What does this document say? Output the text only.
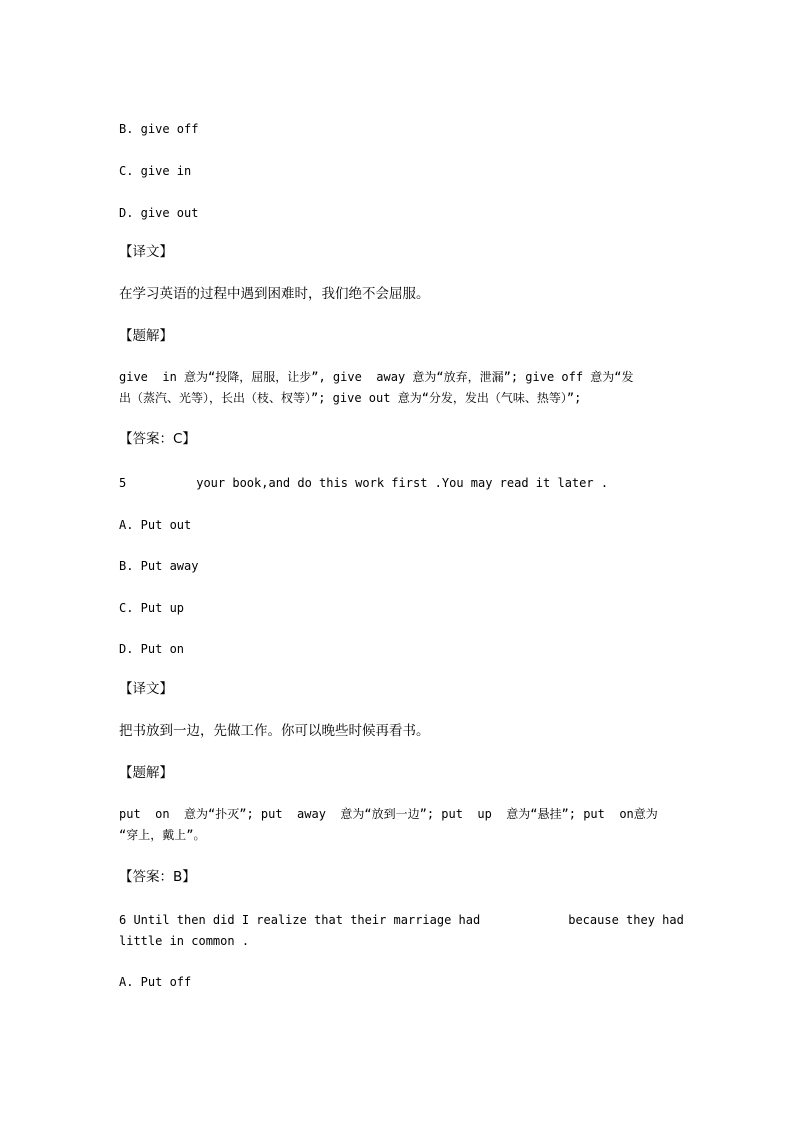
B. give off
C. give in
D. give out
【译文】
在学习英语的过程中遇到困难时，我们绝不会屈服。
【题解】
give  in 意为“投降，屈服，让步”, give  away 意为“放弃，泄漏”; give off 意为“发
出（蒸汽、光等），长出（枝、杈等）”; give out 意为“分发，发出（气味、热等）”;
【答案：C】
5	your book,and do this work first .You may read it later .
A. Put out
B. Put away
C. Put up
D. Put on
【译文】
把书放到一边，先做工作。你可以晚些时候再看书。
【题解】
put  on  意为“扑灭”; put  away  意为“放到一边”; put  up  意为“悬挂”; put  on意为
“穿上，戴上”。
【答案：B】
6 Until then did I realize that their marriage had	because they had
little in common .
A. Put off
